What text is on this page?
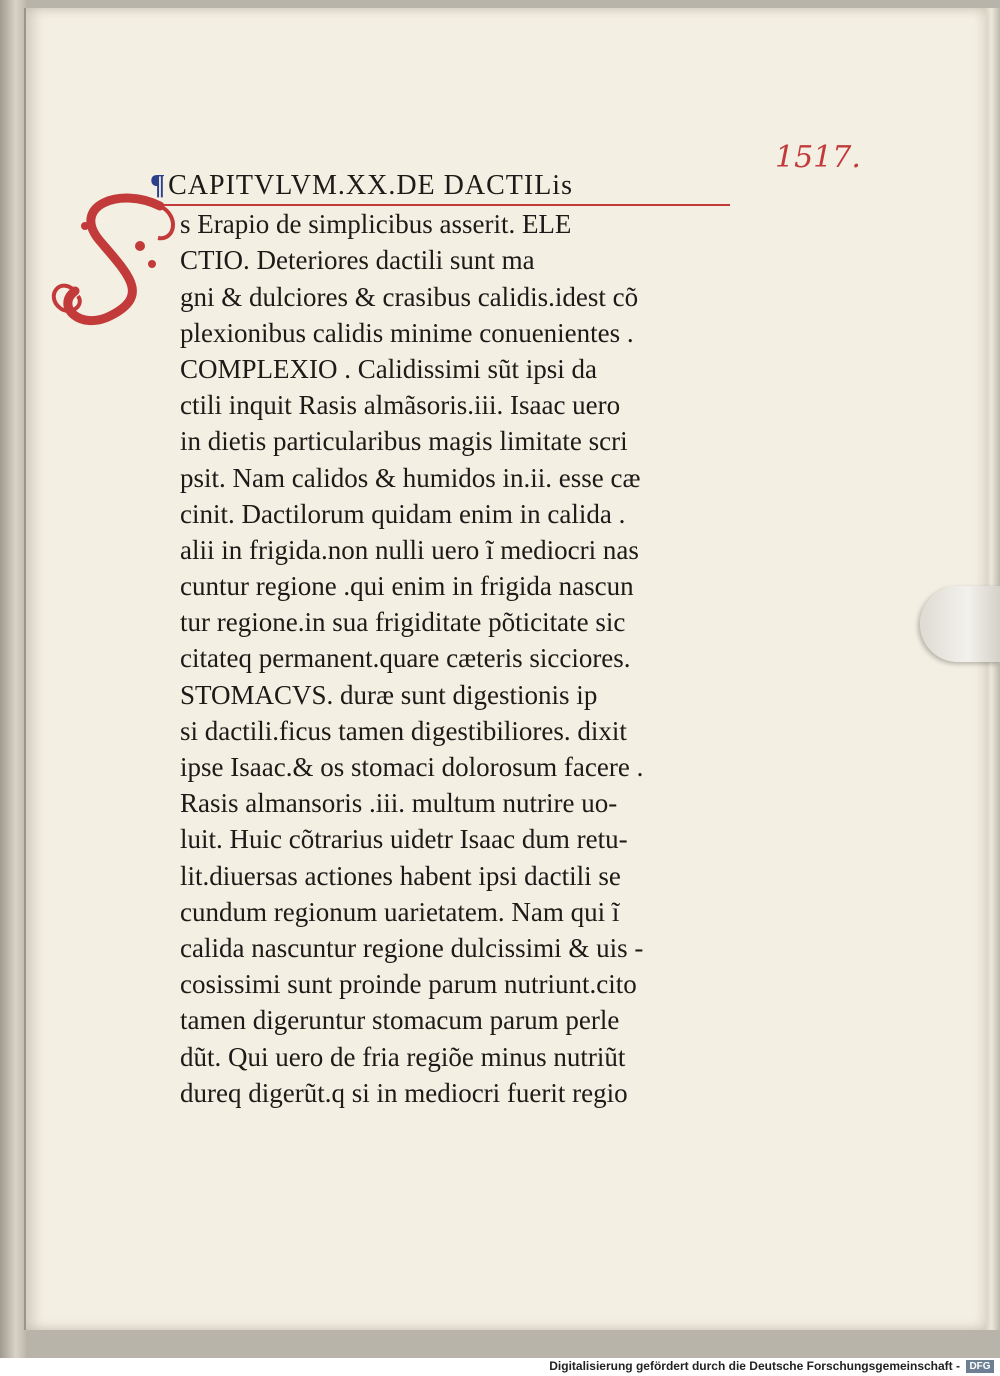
1517.
¶CAPITVLVM.XX.DE DACTILis
s Erapio de simplicibus asserit. ELE
CTIO. Deteriores dactili sunt ma
gni & dulciores & crasibus calidis.idest cõ
plexionibus calidis minime conuenientes .
COMPLEXIO . Calidissimi sũt ipsi da
ctili inquit Rasis almãsoris.iii. Isaac uero
in dietis particularibus magis limitate scri
psit. Nam calidos & humidos in.ii. esse cæ
cinit. Dactilorum quidam enim in calida .
alii in frigida.non nulli uero ĩ mediocri nas
cuntur regione .qui enim in frigida nascun
tur regione.in sua frigiditate põticitate sic
citateq permanent.quare cæteris sicciores.
STOMACVS. duræ sunt digestionis ip
si dactili.ficus tamen digestibiliores. dixit
ipse Isaac.& os stomaci dolorosum facere .
Rasis almansoris .iii. multum nutrire uo-
luit. Huic cõtrarius uidetr Isaac dum retu-
lit.diuersas actiones habent ipsi dactili se
cundum regionum uarietatem. Nam qui ĩ
calida nascuntur regione dulcissimi & uis -
cosissimi sunt proinde parum nutriunt.cito
tamen digeruntur stomacum parum perle
dũt. Qui uero de fria regiõe minus nutriũt
dureq digerũt.q si in mediocri fuerit regio
Digitalisierung gefördert durch die Deutsche Forschungsgemeinschaft - DFG
